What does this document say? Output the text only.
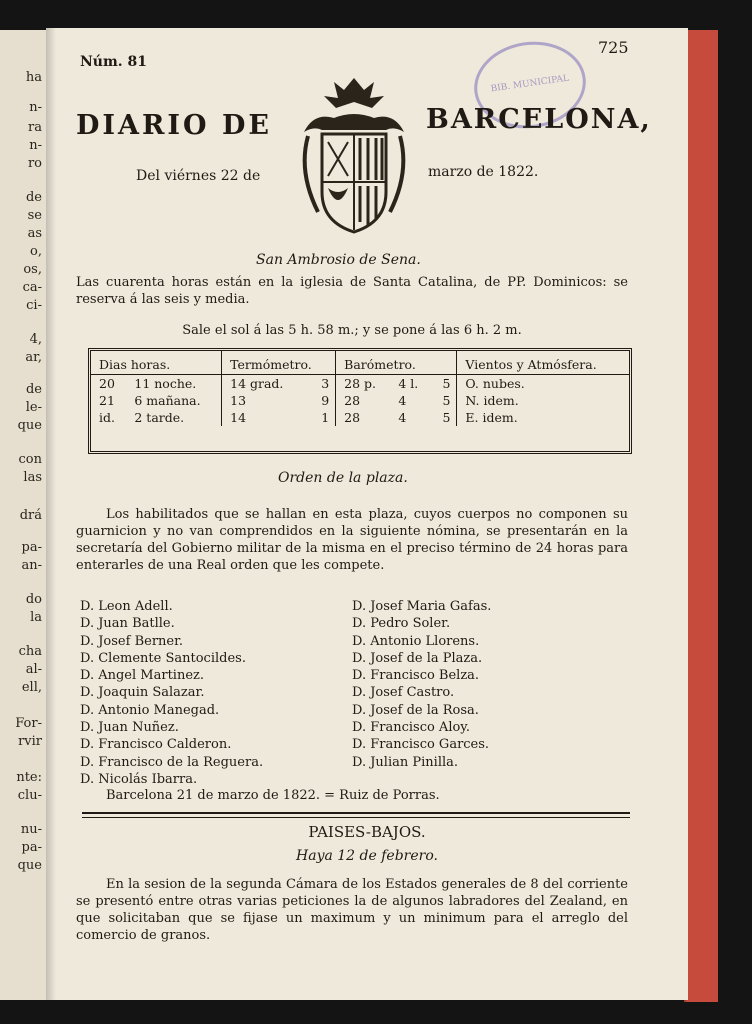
ha
n-
ra
n-
ro
de
se
as
o,
os,
ca-
ci-
4,
ar,
de
le-
que
con
las
drá
pa-
an-
do
la
cha
al-
ell,
For-
rvir
nte:
clu-
nu-
pa-
que
Núm. 81
725
BIB. MUNICIPAL
DIARIO DE	BARCELONA,
Del viérnes 22 de	marzo de 1822.
San Ambrosio de Sena.
Las cuarenta horas están en la iglesia de Santa Catalina, de PP. Dominicos: se reserva á las seis y media.
Sale el sol á las 5 h. 58 m.; y se pone á las 6 h. 2 m.
Dias horas.		Termómetro.		Barómetro.			Vientos y Atmósfera.

20	11 noche.	14 grad.	3	28 p.	4 l.	5	O. nubes.
21	6 mañana.	13	9	28	4	5	N. idem.
id.	2 tarde.	14	1	28	4	5	E. idem.
Orden de la plaza.
Los habilitados que se hallan en esta plaza, cuyos cuerpos no componen su guarnicion y no van comprendidos en la siguiente nómina, se presentarán en la secretaría del Gobierno militar de la misma en el preciso término de 24 horas para enterarles de una Real orden que les compete.
D. Leon Adell.
D. Juan Batlle.
D. Josef Berner.
D. Clemente Santocildes.
D. Angel Martinez.
D. Joaquin Salazar.
D. Antonio Manegad.
D. Juan Nuñez.
D. Francisco Calderon.
D. Francisco de la Reguera.
D. Nicolás Ibarra.
D. Josef Maria Gafas.
D. Pedro Soler.
D. Antonio Llorens.
D. Josef de la Plaza.
D. Francisco Belza.
D. Josef Castro.
D. Josef de la Rosa.
D. Francisco Aloy.
D. Francisco Garces.
D. Julian Pinilla.
Barcelona 21 de marzo de 1822. = Ruiz de Porras.
PAISES-BAJOS.
Haya 12 de febrero.
En la sesion de la segunda Cámara de los Estados generales de 8 del corriente se presentó entre otras varias peticiones la de algunos labradores del Zealand, en que solicitaban que se fijase un maximum y un minimum para el arreglo del comercio de granos.
